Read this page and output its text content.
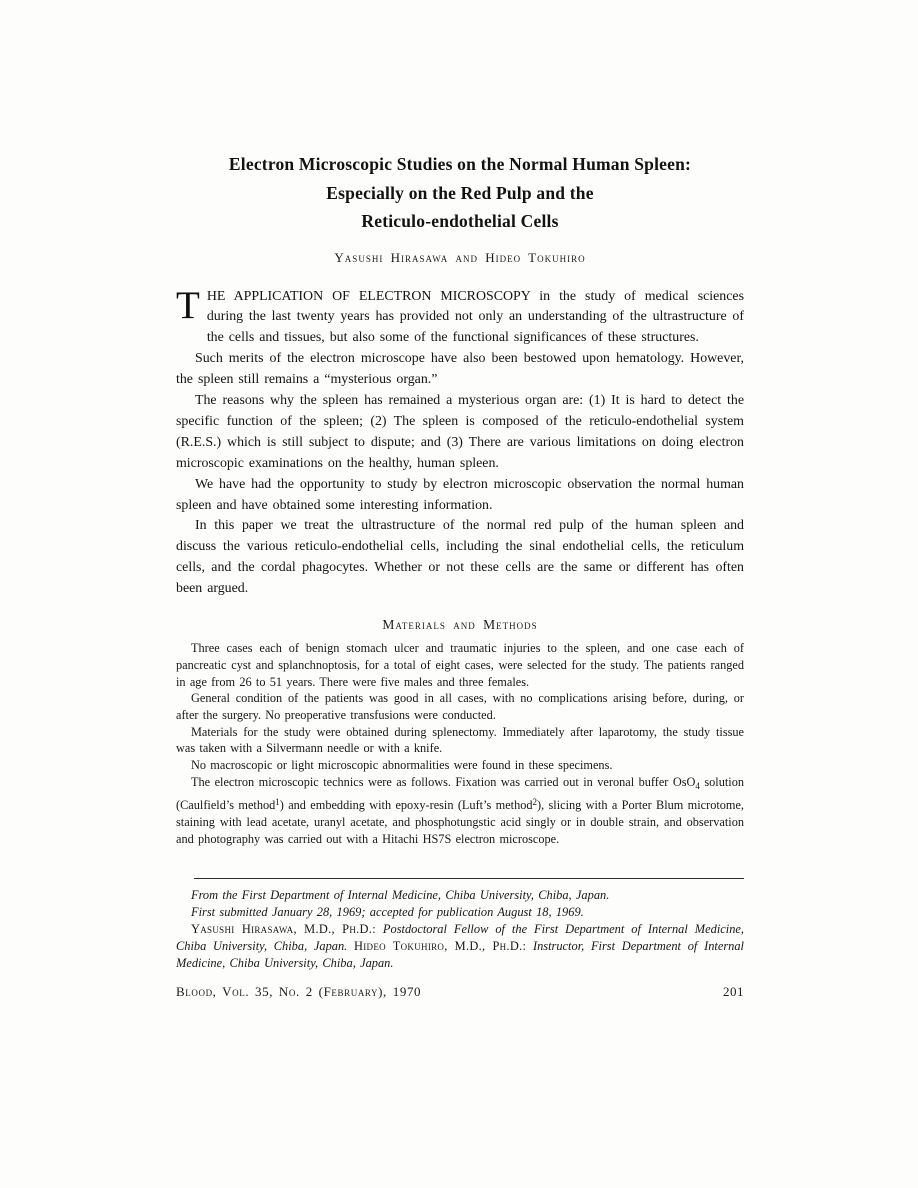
Electron Microscopic Studies on the Normal Human Spleen:
Especially on the Red Pulp and the
Reticulo-endothelial Cells
Yasushi Hirasawa and Hideo Tokuhiro

THE APPLICATION OF ELECTRON MICROSCOPY in the study of medical sciences during the last twenty years has provided not only an understanding of the ultrastructure of the cells and tissues, but also some of the functional significances of these structures.

Such merits of the electron microscope have also been bestowed upon hematology. However, the spleen still remains a “mysterious organ.”

The reasons why the spleen has remained a mysterious organ are: (1) It is hard to detect the specific function of the spleen; (2) The spleen is composed of the reticulo-endothelial system (R.E.S.) which is still subject to dispute; and (3) There are various limitations on doing electron microscopic examinations on the healthy, human spleen.

We have had the opportunity to study by electron microscopic observation the normal human spleen and have obtained some interesting information.

In this paper we treat the ultrastructure of the normal red pulp of the human spleen and discuss the various reticulo-endothelial cells, including the sinal endothelial cells, the reticulum cells, and the cordal phagocytes. Whether or not these cells are the same or different has often been argued.

Materials and Methods

Three cases each of benign stomach ulcer and traumatic injuries to the spleen, and one case each of pancreatic cyst and splanchnoptosis, for a total of eight cases, were selected for the study. The patients ranged in age from 26 to 51 years. There were five males and three females.

General condition of the patients was good in all cases, with no complications arising before, during, or after the surgery. No preoperative transfusions were conducted.

Materials for the study were obtained during splenectomy. Immediately after laparotomy, the study tissue was taken with a Silvermann needle or with a knife.

No macroscopic or light microscopic abnormalities were found in these specimens.

The electron microscopic technics were as follows. Fixation was carried out in veronal buffer OsO$_4$ solution (Caulfield’s method$^1$) and embedding with epoxy-resin (Luft’s method$^2$), slicing with a Porter Blum microtome, staining with lead acetate, uranyl acetate, and phosphotungstic acid singly or in double strain, and observation and photography was carried out with a Hitachi HS7S electron microscope.

From the First Department of Internal Medicine, Chiba University, Chiba, Japan.

First submitted January 28, 1969; accepted for publication August 18, 1969.

Yasushi Hirasawa, M.D., Ph.D.: Postdoctoral Fellow of the First Department of Internal Medicine, Chiba University, Chiba, Japan. Hideo Tokuhiro, M.D., Ph.D.: Instructor, First Department of Internal Medicine, Chiba University, Chiba, Japan.

Blood, Vol. 35, No. 2 (February), 1970	201
